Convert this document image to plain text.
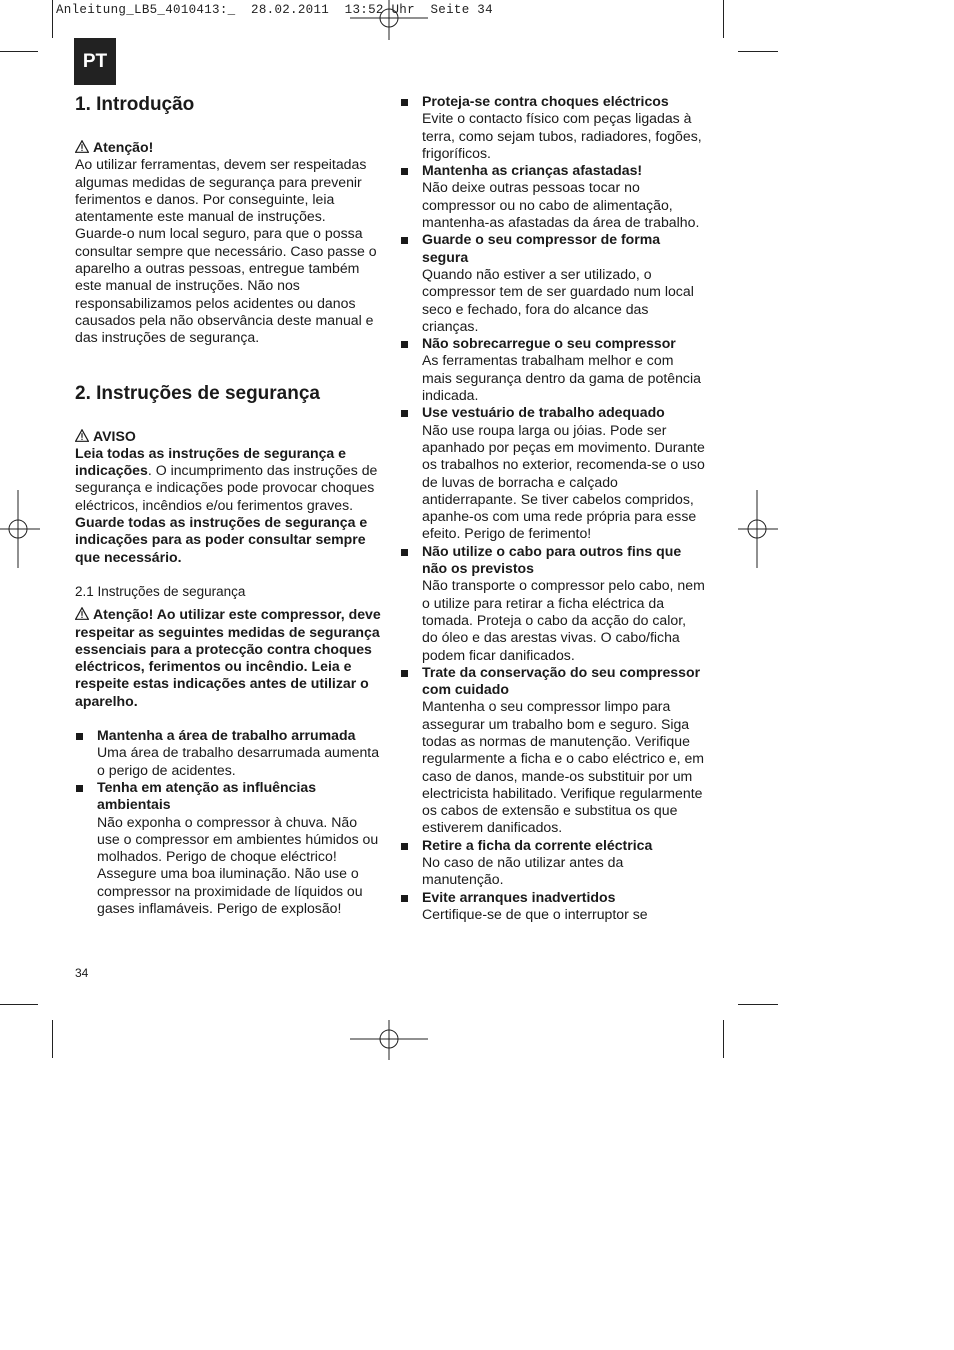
Anleitung_LB5_4010413:_ 28.02.2011 13:52 Uhr Seite 34
PT
1. Introdução

Atenção!

Ao utilizar ferramentas, devem ser respeitadas algumas medidas de segurança para prevenir ferimentos e danos. Por conseguinte, leia atentamente este manual de instruções. Guarde-o num local seguro, para que o possa consultar sempre que necessário. Caso passe o aparelho a outras pessoas, entregue também este manual de instruções. Não nos responsabilizamos pelos acidentes ou danos causados pela não observância deste manual e das instruções de segurança.

2. Instruções de segurança

AVISO

Leia todas as instruções de segurança e indicações. O incumprimento das instruções de segurança e indicações pode provocar choques eléctricos, incêndios e/ou ferimentos graves.

Guarde todas as instruções de segurança e indicações para as poder consultar sempre que necessário.

2.1 Instruções de segurança

Atenção! Ao utilizar este compressor, deve respeitar as seguintes medidas de segurança essenciais para a protecção contra choques eléctricos, ferimentos ou incêndio. Leia e respeite estas indicações antes de utilizar o aparelho.

Mantenha a área de trabalho arrumada

Uma área de trabalho desarrumada aumenta o perigo de acidentes.

Tenha em atenção as influências ambientais

Não exponha o compressor à chuva. Não use o compressor em ambientes húmidos ou molhados. Perigo de choque eléctrico! Assegure uma boa iluminação. Não use o compressor na proximidade de líquidos ou gases inflamáveis. Perigo de explosão!

Proteja-se contra choques eléctricos

Evite o contacto físico com peças ligadas à terra, como sejam tubos, radiadores, fogões, frigoríficos.

Mantenha as crianças afastadas!

Não deixe outras pessoas tocar no compressor ou no cabo de alimentação, mantenha-as afastadas da área de trabalho.

Guarde o seu compressor de forma segura

Quando não estiver a ser utilizado, o compressor tem de ser guardado num local seco e fechado, fora do alcance das crianças.

Não sobrecarregue o seu compressor

As ferramentas trabalham melhor e com mais segurança dentro da gama de potência indicada.

Use vestuário de trabalho adequado

Não use roupa larga ou jóias. Pode ser apanhado por peças em movimento. Durante os trabalhos no exterior, recomenda-se o uso de luvas de borracha e calçado antiderrapante. Se tiver cabelos compridos, apanhe-os com uma rede própria para esse efeito. Perigo de ferimento!

Não utilize o cabo para outros fins que não os previstos

Não transporte o compressor pelo cabo, nem o utilize para retirar a ficha eléctrica da tomada. Proteja o cabo da acção do calor, do óleo e das arestas vivas. O cabo/ficha podem ficar danificados.

Trate da conservação do seu compressor com cuidado

Mantenha o seu compressor limpo para assegurar um trabalho bom e seguro. Siga todas as normas de manutenção. Verifique regularmente a ficha e o cabo eléctrico e, em caso de danos, mande-os substituir por um electricista habilitado. Verifique regularmente os cabos de extensão e substitua os que estiverem danificados.

Retire a ficha da corrente eléctrica

No caso de não utilizar antes da manutenção.

Evite arranques inadvertidos

Certifique-se de que o interruptor se

34
